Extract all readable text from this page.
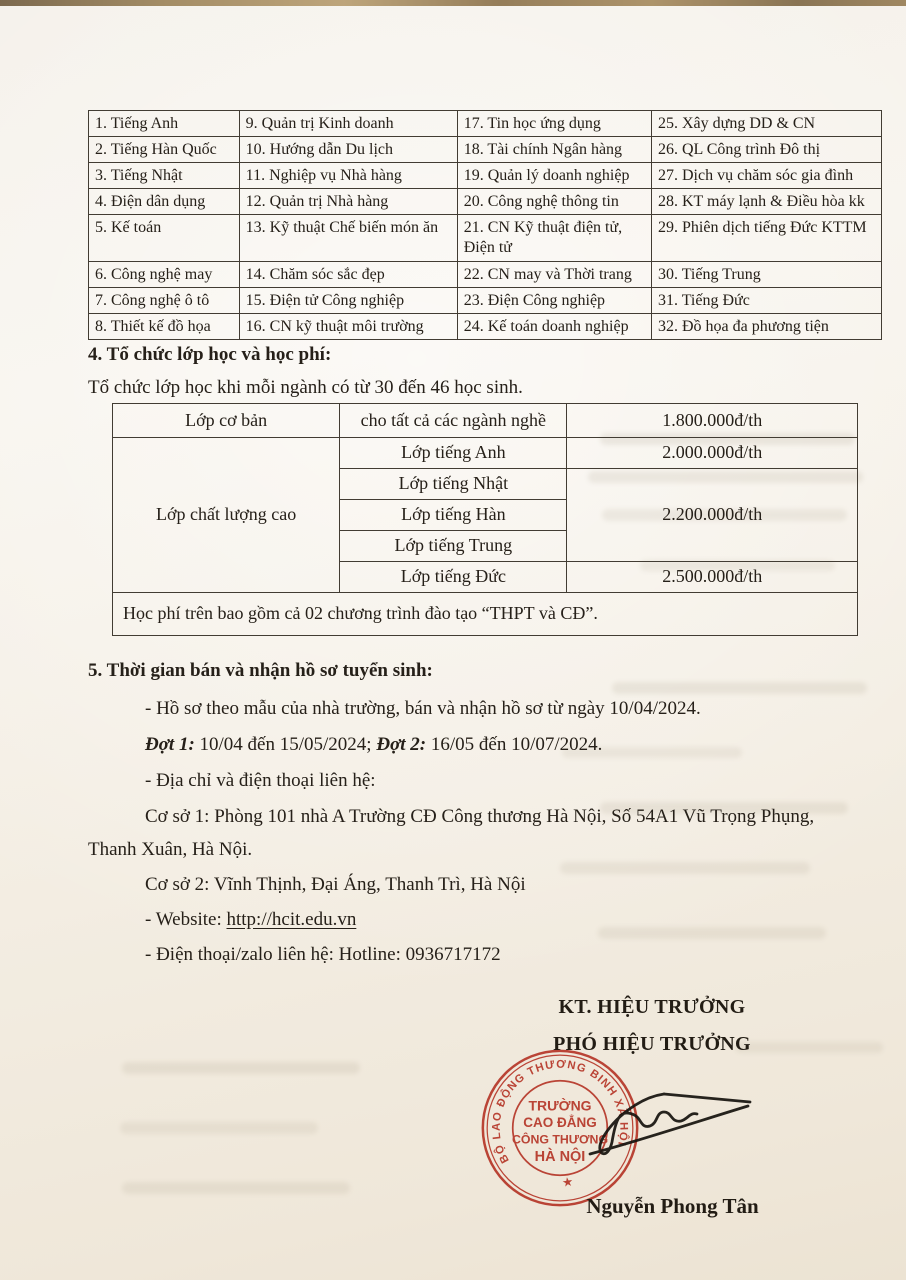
1. Tiếng Anh	9. Quản trị Kinh doanh	17. Tin học ứng dụng	25. Xây dựng DD & CN
2. Tiếng Hàn Quốc	10. Hướng dẫn Du lịch	18. Tài chính Ngân hàng	26. QL Công trình Đô thị
3. Tiếng Nhật	11. Nghiệp vụ Nhà hàng	19. Quản lý doanh nghiệp	27. Dịch vụ chăm sóc gia đình
4. Điện dân dụng	12. Quản trị Nhà hàng	20. Công nghệ thông tin	28. KT máy lạnh & Điều hòa kk
5. Kế toán	13. Kỹ thuật Chế biến món ăn	21. CN Kỹ thuật điện tử, Điện tử	29. Phiên dịch tiếng Đức KTTM
6. Công nghệ may	14. Chăm sóc sắc đẹp	22. CN may và Thời trang	30. Tiếng Trung
7. Công nghệ ô tô	15. Điện tử Công nghiệp	23. Điện Công nghiệp	31. Tiếng Đức
8. Thiết kế đồ họa	16. CN kỹ thuật môi trường	24. Kế toán doanh nghiệp	32. Đồ họa đa phương tiện

4. Tổ chức lớp học và học phí:

Tổ chức lớp học khi mỗi ngành có từ 30 đến 46 học sinh.

Lớp cơ bản	cho tất cả các ngành nghề	1.800.000đ/th
Lớp chất lượng cao	Lớp tiếng Anh	2.000.000đ/th
	Lớp tiếng Nhật	2.200.000đ/th
	Lớp tiếng Hàn	
	Lớp tiếng Trung	
	Lớp tiếng Đức	2.500.000đ/th
Học phí trên bao gồm cả 02 chương trình đào tạo “THPT và CĐ”.		

5. Thời gian bán và nhận hồ sơ tuyển sinh:

- Hồ sơ theo mẫu của nhà trường, bán và nhận hồ sơ từ ngày 10/04/2024.

Đợt 1: 10/04 đến 15/05/2024; Đợt 2: 16/05 đến 10/07/2024.

- Địa chỉ và điện thoại liên hệ:

Cơ sở 1: Phòng 101 nhà A Trường CĐ Công thương Hà Nội, Số 54A1 Vũ Trọng Phụng,
Thanh Xuân, Hà Nội.

Cơ sở 2: Vĩnh Thịnh, Đại Áng, Thanh Trì, Hà Nội

- Website: http://hcit.edu.vn

- Điện thoại/zalo liên hệ: Hotline: 0936717172

KT. HIỆU TRƯỞNG

PHÓ HIỆU TRƯỞNG

BỘ LAO ĐỘNG THƯƠNG BINH XÃ HỘI
★
TRƯỜNG
CAO ĐẲNG
CÔNG THƯƠNG
HÀ NỘI

Nguyễn Phong Tân
